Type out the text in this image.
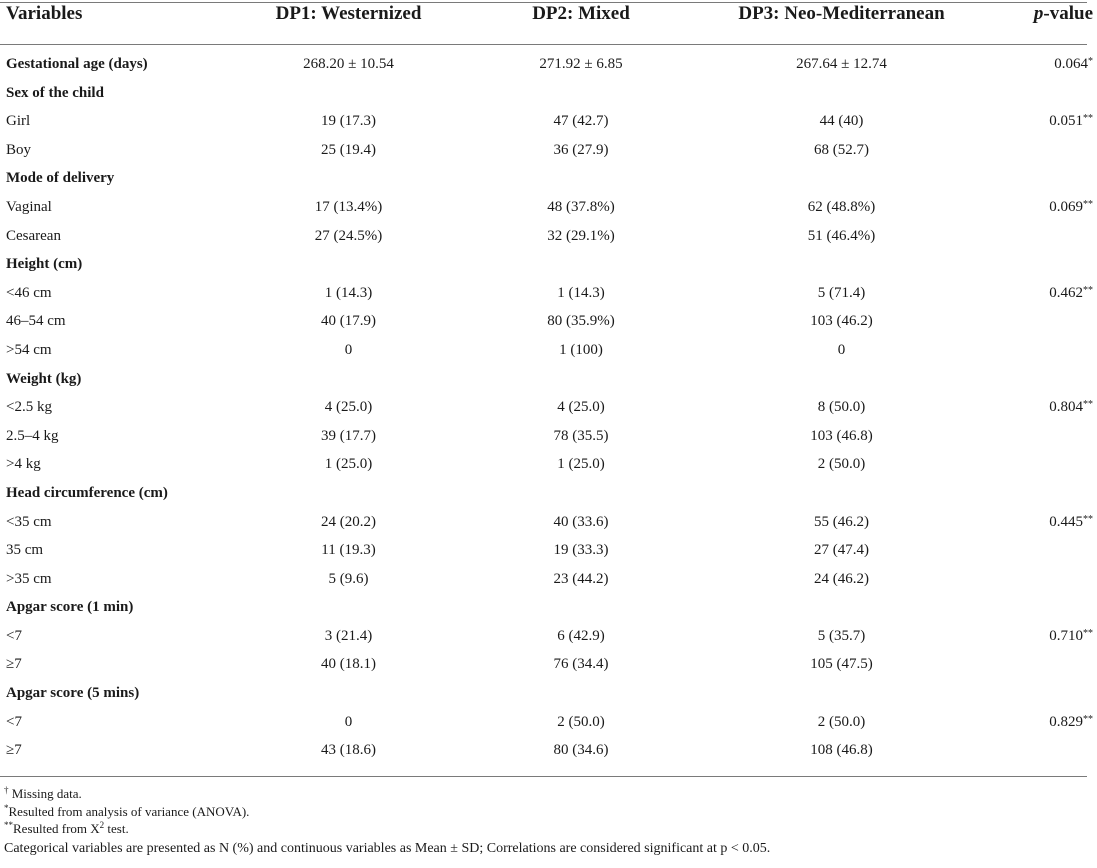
Variables	DP1: Westernized	DP2: Mixed	DP3: Neo-Mediterranean	p-value
Gestational age (days)	268.20 ± 10.54	271.92 ± 6.85	267.64 ± 12.74	0.064*
Sex of the child				
Girl	19 (17.3)	47 (42.7)	44 (40)	0.051**
Boy	25 (19.4)	36 (27.9)	68 (52.7)	
Mode of delivery				
Vaginal	17 (13.4%)	48 (37.8%)	62 (48.8%)	0.069**
Cesarean	27 (24.5%)	32 (29.1%)	51 (46.4%)	
Height (cm)				
<46 cm	1 (14.3)	1 (14.3)	5 (71.4)	0.462**
46–54 cm	40 (17.9)	80 (35.9%)	103 (46.2)	
>54 cm	0	1 (100)	0	
Weight (kg)				
<2.5 kg	4 (25.0)	4 (25.0)	8 (50.0)	0.804**
2.5–4 kg	39 (17.7)	78 (35.5)	103 (46.8)	
>4 kg	1 (25.0)	1 (25.0)	2 (50.0)	
Head circumference (cm)				
<35 cm	24 (20.2)	40 (33.6)	55 (46.2)	0.445**
35 cm	11 (19.3)	19 (33.3)	27 (47.4)	
>35 cm	5 (9.6)	23 (44.2)	24 (46.2)	
Apgar score (1 min)				
<7	3 (21.4)	6 (42.9)	5 (35.7)	0.710**
≥7	40 (18.1)	76 (34.4)	105 (47.5)	
Apgar score (5 mins)				
<7	0	2 (50.0)	2 (50.0)	0.829**
≥7	43 (18.6)	80 (34.6)	108 (46.8)	
† Missing data.
*Resulted from analysis of variance (ANOVA).
**Resulted from $X^2$ test.
Categorical variables are presented as N (%) and continuous variables as Mean ± SD; Correlations are considered significant at p < 0.05.
